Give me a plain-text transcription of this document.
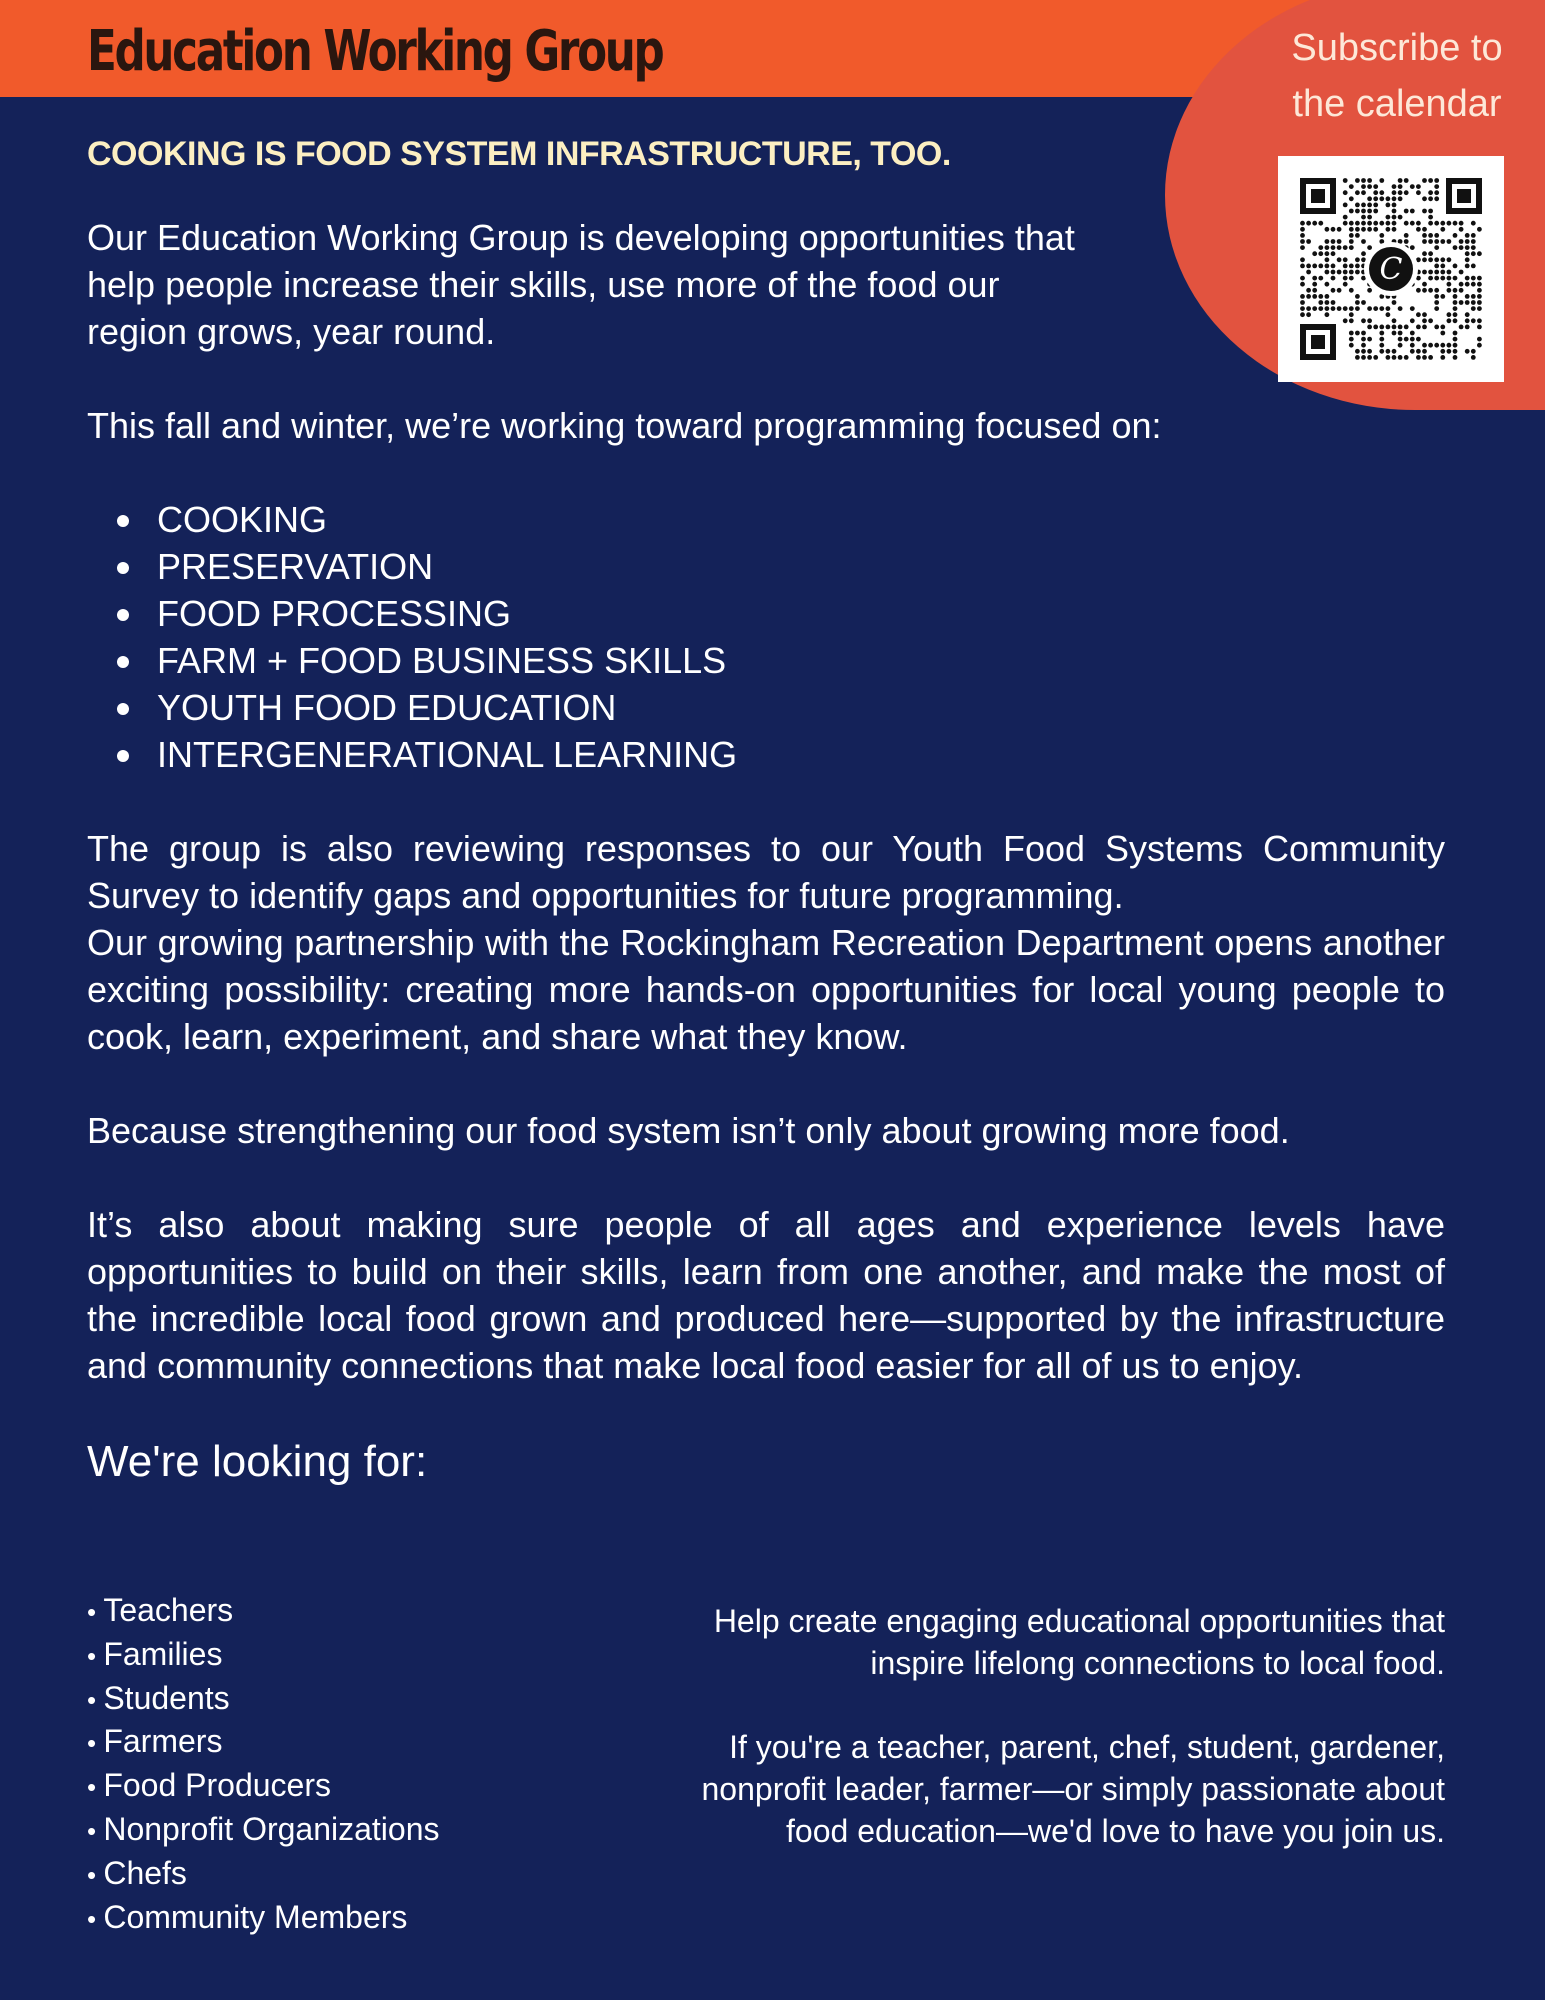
Education Working Group	Subscribe to the calendar
C
COOKING IS FOOD SYSTEM INFRASTRUCTURE, TOO.
Our Education Working Group is developing opportunities that help people increase their skills, use more of the food our region grows, year round.
This fall and winter, we’re working toward programming focused on:
COOKING
PRESERVATION
FOOD PROCESSING
FARM + FOOD BUSINESS SKILLS
YOUTH FOOD EDUCATION
INTERGENERATIONAL LEARNING
The group is also reviewing responses to our Youth Food Systems Community Survey to identify gaps and opportunities for future programming.
Our growing partnership with the Rockingham Recreation Department opens another exciting possibility: creating more hands-on opportunities for local young people to cook, learn, experiment, and share what they know.
Because strengthening our food system isn’t only about growing more food.
It’s also about making sure people of all ages and experience levels have opportunities to build on their skills, learn from one another, and make the most of the incredible local food grown and produced here—supported by the infrastructure and community connections that make local food easier for all of us to enjoy.
We're looking for:
• Teachers
• Families
• Students
• Farmers
• Food Producers
• Nonprofit Organizations
• Chefs
• Community Members
Help create engaging educational opportunities that inspire lifelong connections to local food.
If you're a teacher, parent, chef, student, gardener, nonprofit leader, farmer—or simply passionate about food education—we'd love to have you join us.
